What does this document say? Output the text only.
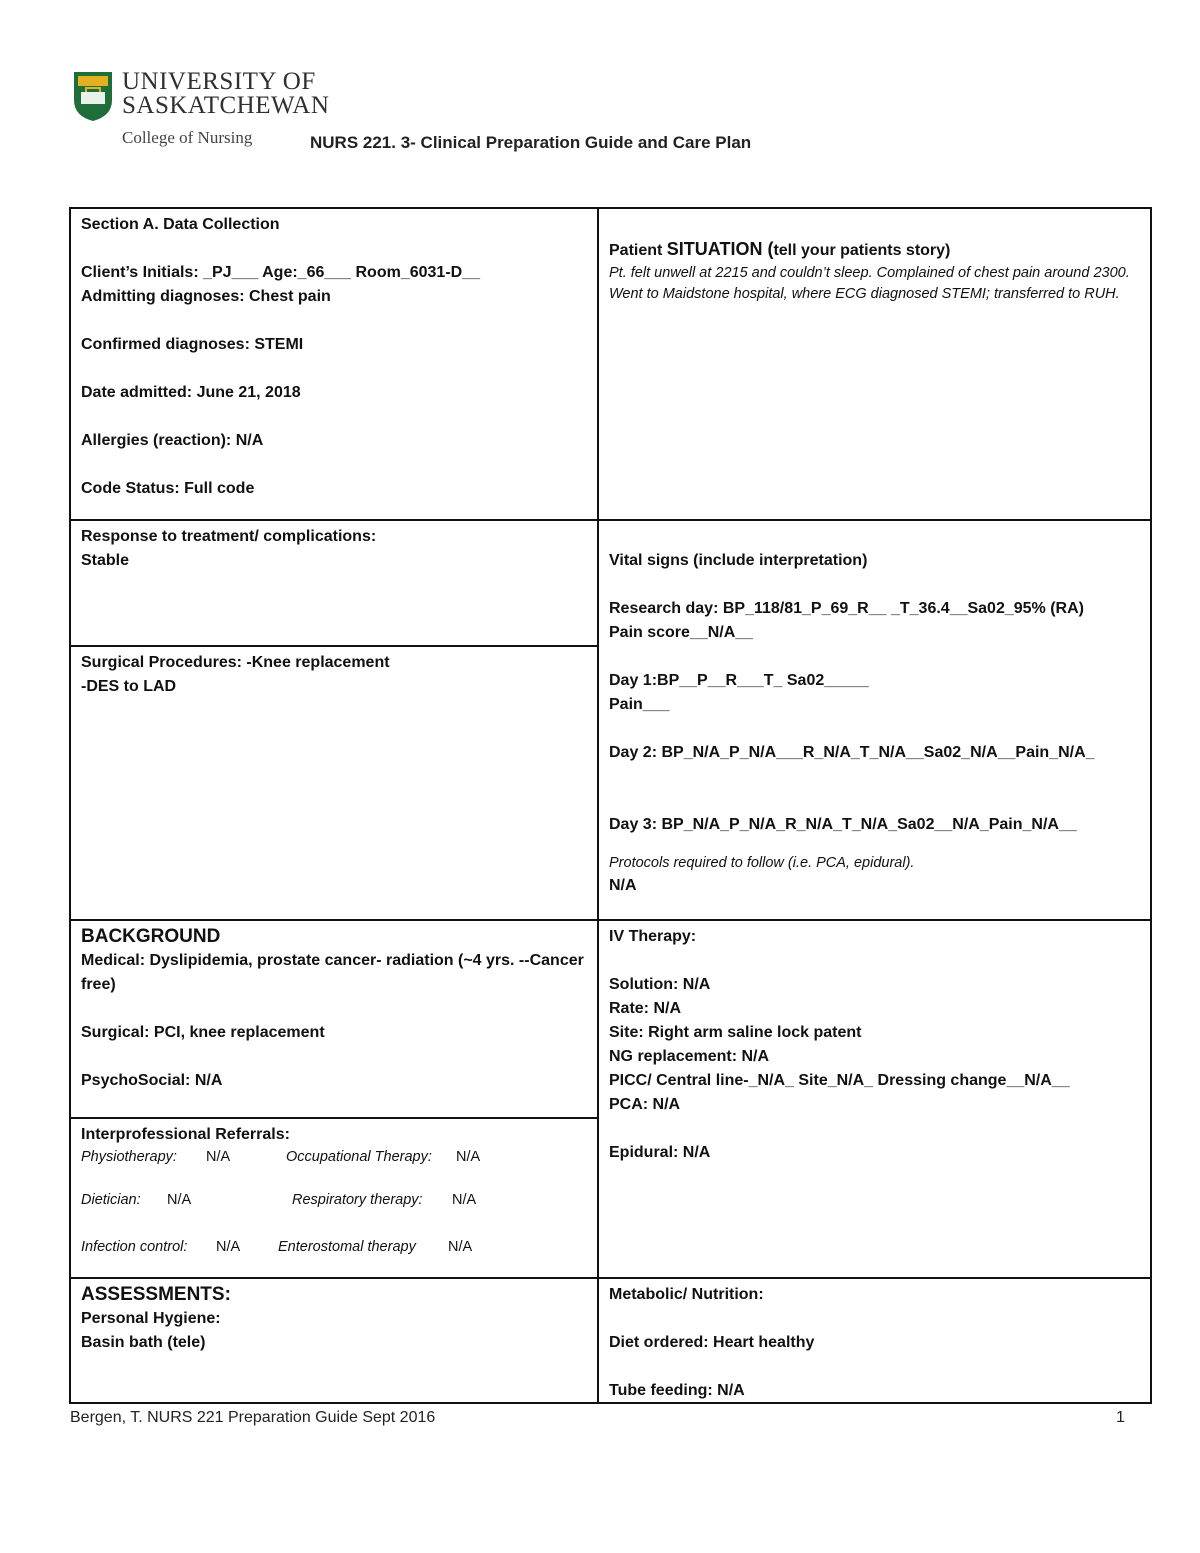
UNIVERSITY OF
SASKATCHEWAN
College of Nursing	NURS 221. 3- Clinical Preparation Guide and Care Plan
Section A. Data Collection
Client’s Initials: _PJ___ Age:_66___ Room_6031-D__
Admitting diagnoses: Chest pain
Confirmed diagnoses: STEMI
Date admitted: June 21, 2018
Allergies (reaction): N/A
Code Status: Full code
Patient SITUATION (tell your patients story)
Pt. felt unwell at 2215 and couldn’t sleep. Complained of chest pain around 2300. Went to Maidstone hospital, where ECG diagnosed STEMI; transferred to RUH.
Response to treatment/ complications:
Stable
Surgical Procedures: -Knee replacement
-DES to LAD
Vital signs (include interpretation)
Research day: BP_118/81_P_69_R__ _T_36.4__Sa02_95% (RA)
Pain score__N/A__
Day 1:BP__P__R___T_ Sa02_____
Pain___
Day 2: BP_N/A_P_N/A___R_N/A_T_N/A__Sa02_N/A__Pain_N/A_
Day 3: BP_N/A_P_N/A_R_N/A_T_N/A_Sa02__N/A_Pain_N/A__
Protocols required to follow (i.e. PCA, epidural).
N/A
BACKGROUND
Medical: Dyslipidemia, prostate cancer- radiation (~4 yrs. --Cancer free)
Surgical: PCI, knee replacement
PsychoSocial: N/A
Interprofessional Referrals:
Physiotherapy:	N/A	Occupational Therapy:	N/A
Dietician:	N/A	Respiratory therapy:	N/A
Infection control:	N/A	Enterostomal therapy	N/A
IV Therapy:
Solution: N/A
Rate: N/A
Site: Right arm saline lock patent
NG replacement: N/A
PICC/ Central line-_N/A_ Site_N/A_ Dressing change__N/A__
PCA: N/A
Epidural: N/A
ASSESSMENTS:
Personal Hygiene:
Basin bath (tele)
Metabolic/ Nutrition:
Diet ordered: Heart healthy
Tube feeding: N/A
Bergen, T. NURS 221 Preparation Guide Sept 2016	1
